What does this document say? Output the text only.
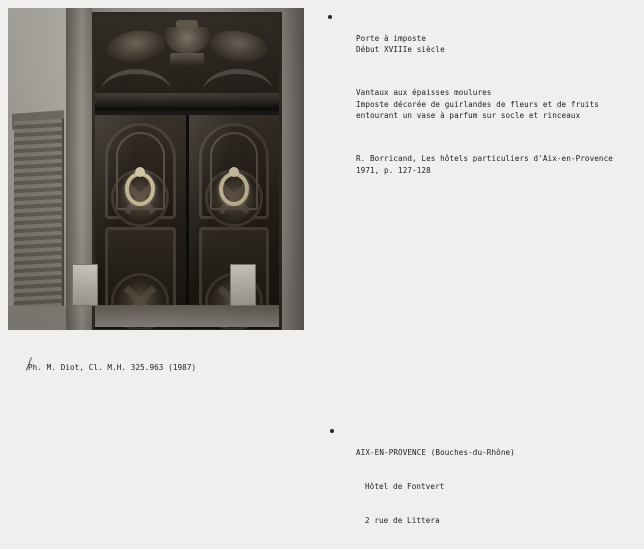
Porte à imposte
Début XVIIIe siècle

Vantaux aux épaisses moulures
Imposte décorée de guirlandes de fleurs et de fruits
entourant un vase à parfum sur socle et rinceaux

R. Borricand, Les hôtels particuliers d'Aix-en-Provence
1971, p. 127-128

Ph. M. Diot, Cl. M.H. 325.963 (1987)

AIX-EN-PROVENCE (Bouches-du-Rhône)

Hôtel de Fontvert

2 rue de Littera
